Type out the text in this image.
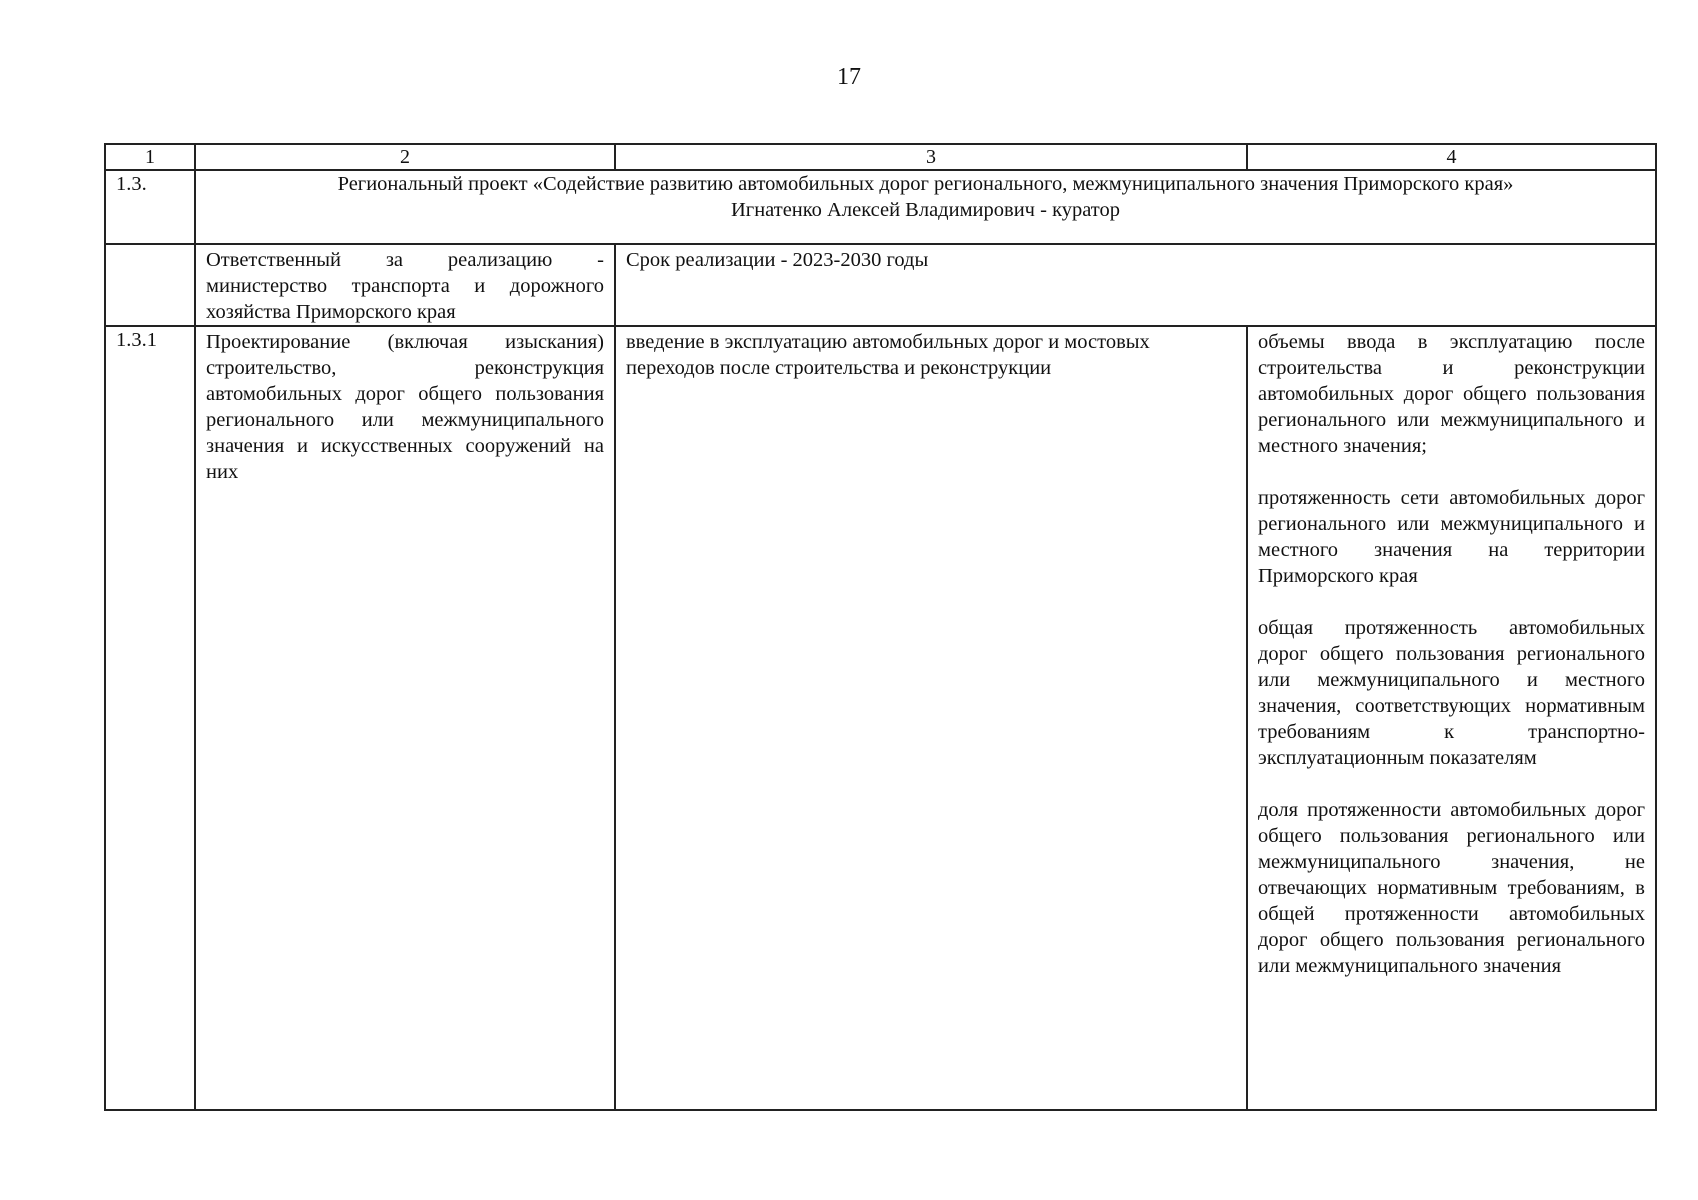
17
1	2	3	4
1.3.	Региональный проект «Содействие развитию автомобильных дорог регионального, межмуниципального значения Приморского края»
Игнатенко Алексей Владимирович - куратор		

	Ответственный за реализацию - министерство транспорта и дорожного хозяйства Приморского края	Срок реализации - 2023-2030 годы	
1.3.1	Проектирование (включая изыскания) строительство, реконструкция автомобильных дорог общего пользования регионального или межмуниципального значения и искусственных сооружений на них	введение в эксплуатацию автомобильных дорог и мостовых переходов после строительства и реконструкции	объемы ввода в эксплуатацию после строительства и реконструкции автомобильных дорог общего пользования регионального или межмуниципального и местного значения;

протяженность сети автомобильных дорог регионального или межмуниципального и местного значения на территории Приморского края

общая протяженность автомобильных дорог общего пользования регионального или межмуниципального и местного значения, соответствующих нормативным требованиям к транспортно-эксплуатационным показателям

доля протяженности автомобильных дорог общего пользования регионального или межмуниципального значения, не отвечающих нормативным требованиям, в общей протяженности автомобильных дорог общего пользования регионального или межмуниципального значения
